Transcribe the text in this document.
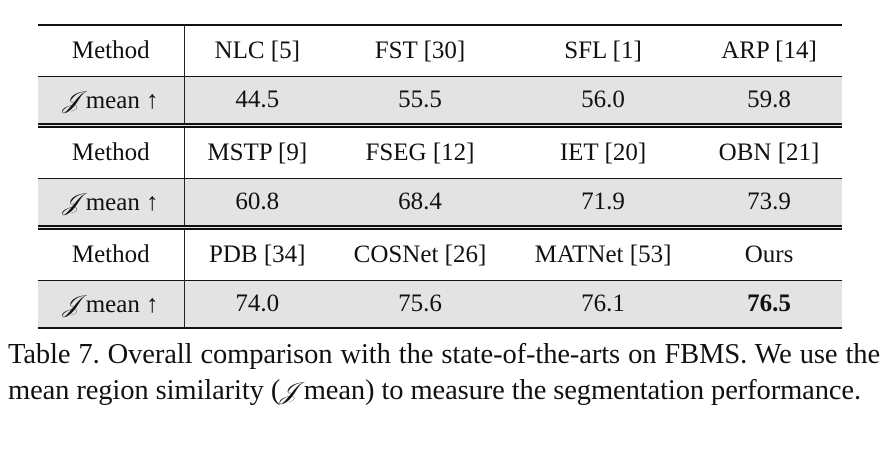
Method	NLC [5]	FST [30]	SFL [1]	ARP [14]
𝒥 mean ↑	44.5	55.5	56.0	59.8
Method	MSTP [9]	FSEG [12]	IET [20]	OBN [21]
𝒥 mean ↑	60.8	68.4	71.9	73.9
Method	PDB [34]	COSNet [26]	MATNet [53]	Ours
𝒥 mean ↑	74.0	75.6	76.1	76.5
Table 7. Overall comparison with the state-of-the-arts on FBMS. We use the mean region similarity (𝒥 mean) to measure the segmentation performance.
